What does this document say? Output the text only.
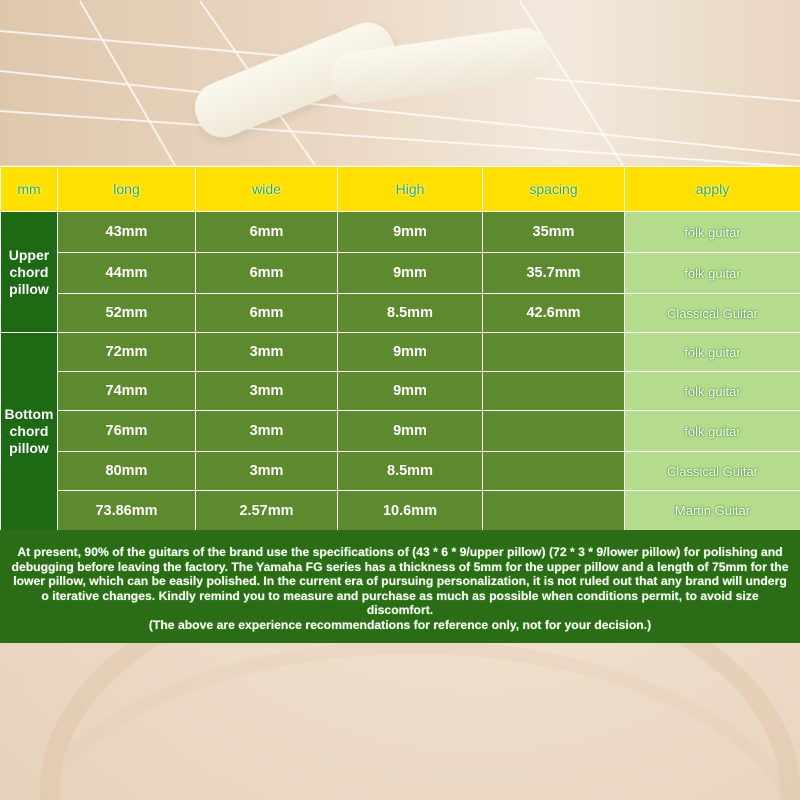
mm	long	wide	High	spacing	apply
Upper chord pillow	43mm	6mm	9mm	35mm	folk guitar
	44mm	6mm	9mm	35.7mm	folk guitar
	52mm	6mm	8.5mm	42.6mm	Classical Guitar
Bottom chord pillow	72mm	3mm	9mm		folk guitar
	74mm	3mm	9mm		folk guitar
	76mm	3mm	9mm		folk guitar
	80mm	3mm	8.5mm		Classical Guitar
	73.86mm	2.57mm	10.6mm		Martin Guitar

At present, 90% of the guitars of the brand use the specifications of (43 * 6 * 9/upper pillow) (72 * 3 * 9/lower pillow) for polishing and debugging before leaving the factory. The Yamaha FG series has a thickness of 5mm for the upper pillow and a length of 75mm for the lower pillow, which can be easily polished. In the current era of pursuing personalization, it is not ruled out that any brand will underg o iterative changes. Kindly remind you to measure and purchase as much as possible when conditions permit, to avoid size discomfort.

(The above are experience recommendations for reference only, not for your decision.)
